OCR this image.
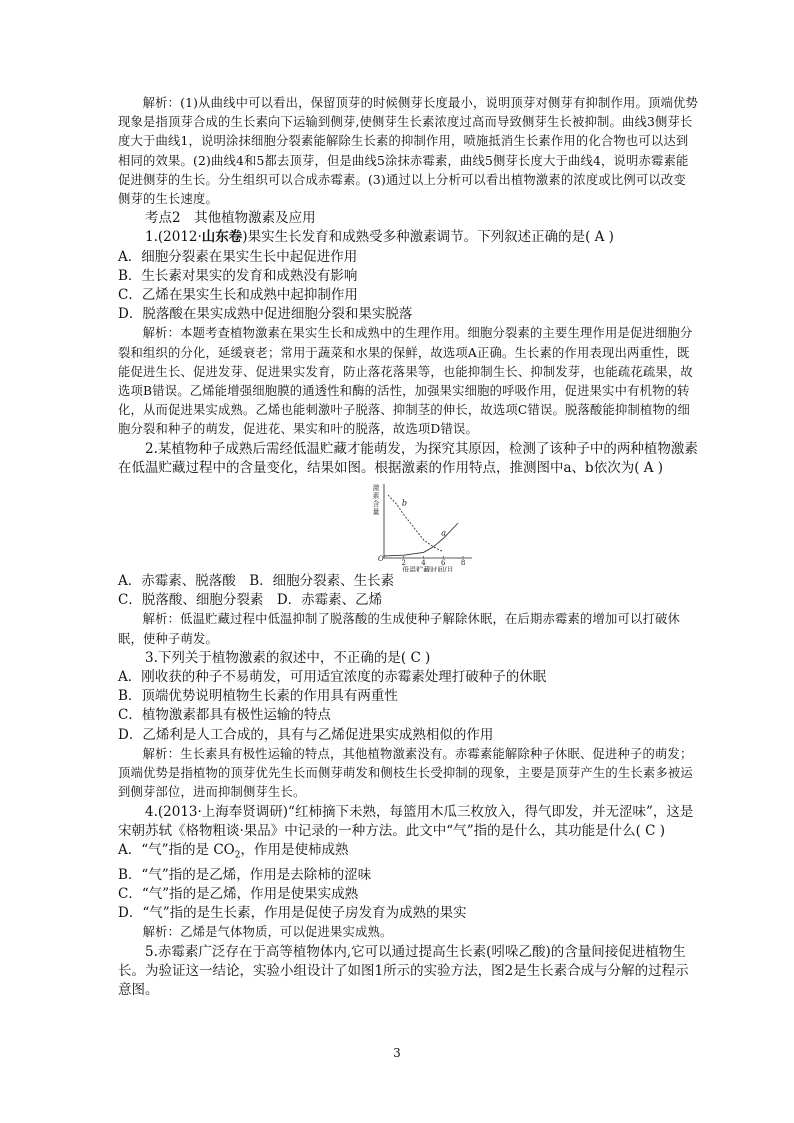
解析：(1)从曲线中可以看出，保留顶芽的时候侧芽长度最小，说明顶芽对侧芽有抑制作用。顶端优势现象是指顶芽合成的生长素向下运输到侧芽,使侧芽生长素浓度过高而导致侧芽生长被抑制。曲线3侧芽长度大于曲线1，说明涂抹细胞分裂素能解除生长素的抑制作用，喷施抵消生长素作用的化合物也可以达到相同的效果。(2)曲线4和5都去顶芽，但是曲线5涂抹赤霉素，曲线5侧芽长度大于曲线4，说明赤霉素能促进侧芽的生长。分生组织可以合成赤霉素。(3)通过以上分析可以看出植物激素的浓度或比例可以改变侧芽的生长速度。

考点2　其他植物激素及应用

1.(2012·山东卷)果实生长发育和成熟受多种激素调节。下列叙述正确的是( A )

A．细胞分裂素在果实生长中起促进作用

B．生长素对果实的发育和成熟没有影响

C．乙烯在果实生长和成熟中起抑制作用

D．脱落酸在果实成熟中促进细胞分裂和果实脱落

解析：本题考查植物激素在果实生长和成熟中的生理作用。细胞分裂素的主要生理作用是促进细胞分裂和组织的分化，延缓衰老；常用于蔬菜和水果的保鲜，故选项A正确。生长素的作用表现出两重性，既能促进生长、促进发芽、促进果实发育，防止落花落果等，也能抑制生长、抑制发芽，也能疏花疏果，故选项B错误。乙烯能增强细胞膜的通透性和酶的活性，加强果实细胞的呼吸作用，促进果实中有机物的转化，从而促进果实成熟。乙烯也能刺激叶子脱落、抑制茎的伸长，故选项C错误。脱落酸能抑制植物的细胞分裂和种子的萌发，促进花、果实和叶的脱落，故选项D错误。

2.某植物种子成熟后需经低温贮藏才能萌发，为探究其原因，检测了该种子中的两种植物激素在低温贮藏过程中的含量变化，结果如图。根据激素的作用特点，推测图中a、b依次为( A )

激
素
含
量
O	2 4 6 8
低温贮藏时间/月
a
b

A．赤霉素、脱落酸　B．细胞分裂素、生长素

C．脱落酸、细胞分裂素　D．赤霉素、乙烯

解析：低温贮藏过程中低温抑制了脱落酸的生成使种子解除休眠，在后期赤霉素的增加可以打破休眠，使种子萌发。

3.下列关于植物激素的叙述中，不正确的是( C )

A．刚收获的种子不易萌发，可用适宜浓度的赤霉素处理打破种子的休眠

B．顶端优势说明植物生长素的作用具有两重性

C．植物激素都具有极性运输的特点

D．乙烯利是人工合成的，具有与乙烯促进果实成熟相似的作用

解析：生长素具有极性运输的特点，其他植物激素没有。赤霉素能解除种子休眠、促进种子的萌发；顶端优势是指植物的顶芽优先生长而侧芽萌发和侧枝生长受抑制的现象，主要是顶芽产生的生长素多被运到侧芽部位，进而抑制侧芽生长。

4.(2013·上海奉贤调研)“红柿摘下未熟，每篮用木瓜三枚放入，得气即发，并无涩味”，这是宋朝苏轼《格物粗谈·果品》中记录的一种方法。此文中“气”指的是什么，其功能是什么( C )

A．“气”指的是 $CO_2$，作用是使柿成熟

B．“气”指的是乙烯，作用是去除柿的涩味

C．“气”指的是乙烯，作用是使果实成熟

D．“气”指的是生长素，作用是促使子房发育为成熟的果实

解析：乙烯是气体物质，可以促进果实成熟。

5.赤霉素广泛存在于高等植物体内,它可以通过提高生长素(吲哚乙酸)的含量间接促进植物生长。为验证这一结论，实验小组设计了如图1所示的实验方法，图2是生长素合成与分解的过程示意图。

3
